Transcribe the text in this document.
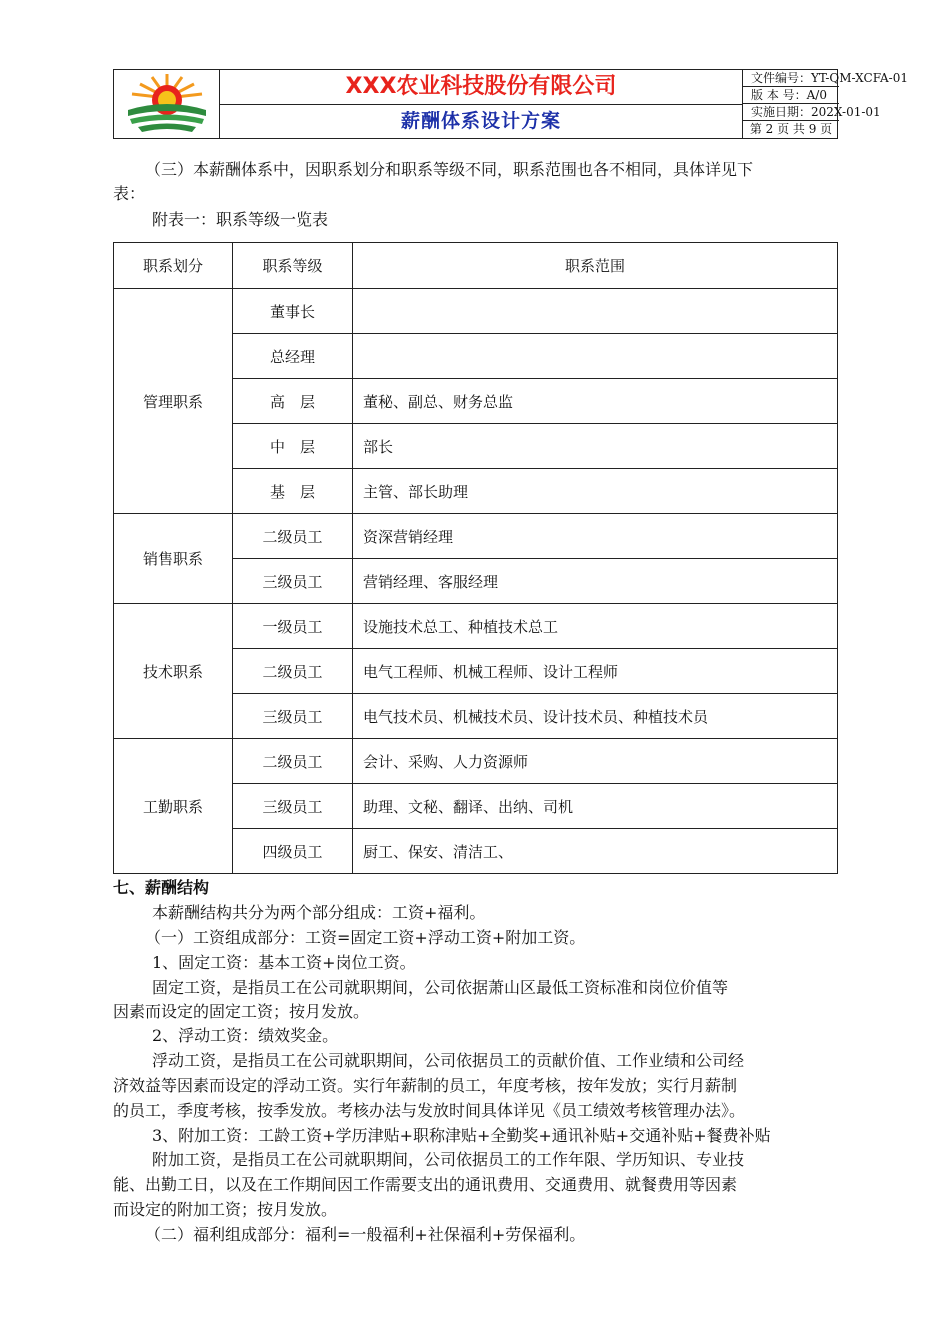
XXX农业科技股份有限公司
薪酬体系设计方案
文件编号：YT-QM-XCFA-01
版 本 号：A/0
实施日期：202X-01-01
第 2 页 共 9 页
（三）本薪酬体系中，因职系划分和职系等级不同，职系范围也各不相同，具体详见下
表：
附表一：职系等级一览表
职系划分	职系等级	职系范围
管理职系	董事长	
	总经理	
	高　层	董秘、副总、财务总监
	中　层	部长
	基　层	主管、部长助理
销售职系	二级员工	资深营销经理
	三级员工	营销经理、客服经理
技术职系	一级员工	设施技术总工、种植技术总工
	二级员工	电气工程师、机械工程师、设计工程师
	三级员工	电气技术员、机械技术员、设计技术员、种植技术员
工勤职系	二级员工	会计、采购、人力资源师
	三级员工	助理、文秘、翻译、出纳、司机
	四级员工	厨工、保安、清洁工、
七、薪酬结构
本薪酬结构共分为两个部分组成：工资+福利。
（一）工资组成部分：工资=固定工资+浮动工资+附加工资。
1、固定工资：基本工资+岗位工资。
固定工资，是指员工在公司就职期间，公司依据萧山区最低工资标准和岗位价值等
因素而设定的固定工资；按月发放。
2、浮动工资：绩效奖金。
浮动工资，是指员工在公司就职期间，公司依据员工的贡献价值、工作业绩和公司经
济效益等因素而设定的浮动工资。实行年薪制的员工，年度考核，按年发放；实行月薪制
的员工，季度考核，按季发放。考核办法与发放时间具体详见《员工绩效考核管理办法》。
3、附加工资：工龄工资+学历津贴+职称津贴+全勤奖+通讯补贴+交通补贴+餐费补贴
附加工资，是指员工在公司就职期间，公司依据员工的工作年限、学历知识、专业技
能、出勤工日，以及在工作期间因工作需要支出的通讯费用、交通费用、就餐费用等因素
而设定的附加工资；按月发放。
（二）福利组成部分：福利=一般福利+社保福利+劳保福利。
